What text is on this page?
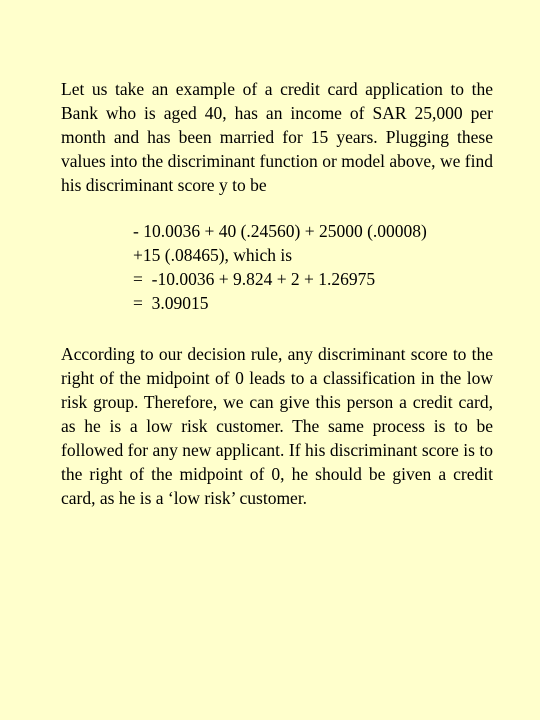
Let us take an example of a credit card application to the Bank who is aged 40, has an income of SAR 25,000 per month and has been married for 15 years. Plugging these values into the discriminant function or model above, we find his discriminant score y to be

- 10.0036 + 40 (.24560) + 25000 (.00008)
+15 (.08465), which is
=  -10.0036 + 9.824 + 2 + 1.26975
=  3.09015

According to our decision rule, any discriminant score to the right of the midpoint of 0 leads to a classification in the low risk group. Therefore, we can give this person a credit card, as he is a low risk customer. The same process is to be followed for any new applicant. If his discriminant score is to the right of the midpoint of 0, he should be given a credit card, as he is a ‘low risk’ customer.
